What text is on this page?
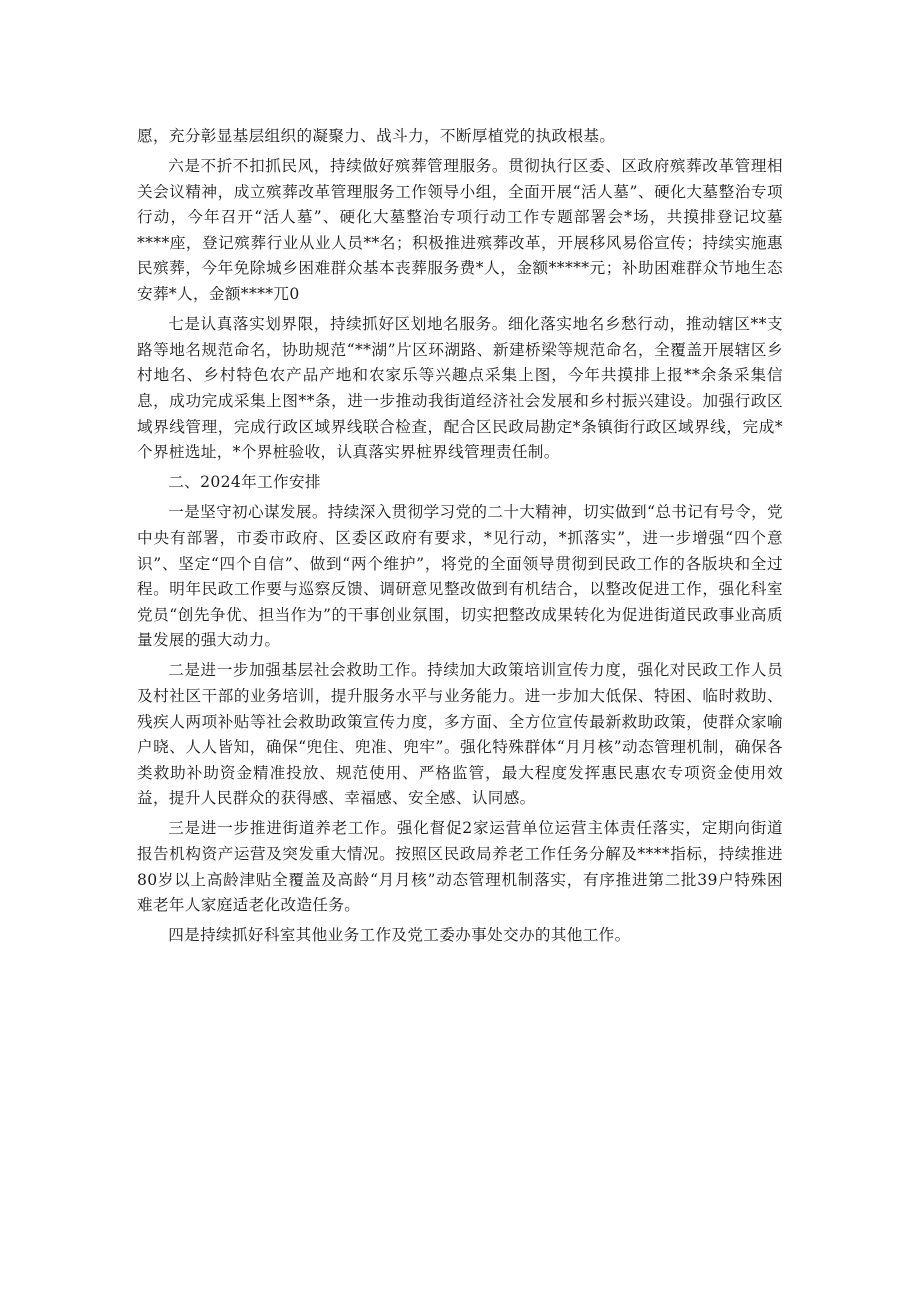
愿，充分彰显基层组织的凝聚力、战斗力，不断厚植党的执政根基。

六是不折不扣抓民风，持续做好殡葬管理服务。贯彻执行区委、区政府殡葬改革管理相关会议精神，成立殡葬改革管理服务工作领导小组，全面开展“活人墓”、硬化大墓整治专项行动，今年召开“活人墓”、硬化大墓整治专项行动工作专题部署会*场，共摸排登记坟墓****座，登记殡葬行业从业人员**名；积极推进殡葬改革，开展移风易俗宣传；持续实施惠民殡葬，今年免除城乡困难群众基本丧葬服务费*人，金额*****元；补助困难群众节地生态安葬*人，金额****兀0

七是认真落实划界限，持续抓好区划地名服务。细化落实地名乡愁行动，推动辖区**支路等地名规范命名，协助规范“**湖”片区环湖路、新建桥梁等规范命名，全覆盖开展辖区乡村地名、乡村特色农产品产地和农家乐等兴趣点采集上图，今年共摸排上报**余条采集信息，成功完成采集上图**条，进一步推动我街道经济社会发展和乡村振兴建设。加强行政区域界线管理，完成行政区域界线联合检查，配合区民政局勘定*条镇街行政区域界线，完成*个界桩选址，*个界桩验收，认真落实界桩界线管理责任制。

二、2024年工作安排

一是坚守初心谋发展。持续深入贯彻学习党的二十大精神，切实做到“总书记有号令，党中央有部署，市委市政府、区委区政府有要求，*见行动，*抓落实”，进一步增强“四个意识”、坚定“四个自信”、做到“两个维护”，将党的全面领导贯彻到民政工作的各版块和全过程。明年民政工作要与巡察反馈、调研意见整改做到有机结合，以整改促进工作，强化科室党员“创先争优、担当作为”的干事创业氛围，切实把整改成果转化为促进街道民政事业高质量发展的强大动力。

二是进一步加强基层社会救助工作。持续加大政策培训宣传力度，强化对民政工作人员及村社区干部的业务培训，提升服务水平与业务能力。进一步加大低保、特困、临时救助、残疾人两项补贴等社会救助政策宣传力度，多方面、全方位宣传最新救助政策，使群众家喻户晓、人人皆知，确保“兜住、兜准、兜牢”。强化特殊群体“月月核”动态管理机制，确保各类救助补助资金精准投放、规范使用、严格监管，最大程度发挥惠民惠农专项资金使用效益，提升人民群众的获得感、幸福感、安全感、认同感。

三是进一步推进街道养老工作。强化督促2家运营单位运营主体责任落实，定期向街道报告机构资产运营及突发重大情况。按照区民政局养老工作任务分解及****指标，持续推进80岁以上高龄津贴全覆盖及高龄“月月核”动态管理机制落实，有序推进第二批39户特殊困难老年人家庭适老化改造任务。

四是持续抓好科室其他业务工作及党工委办事处交办的其他工作。
